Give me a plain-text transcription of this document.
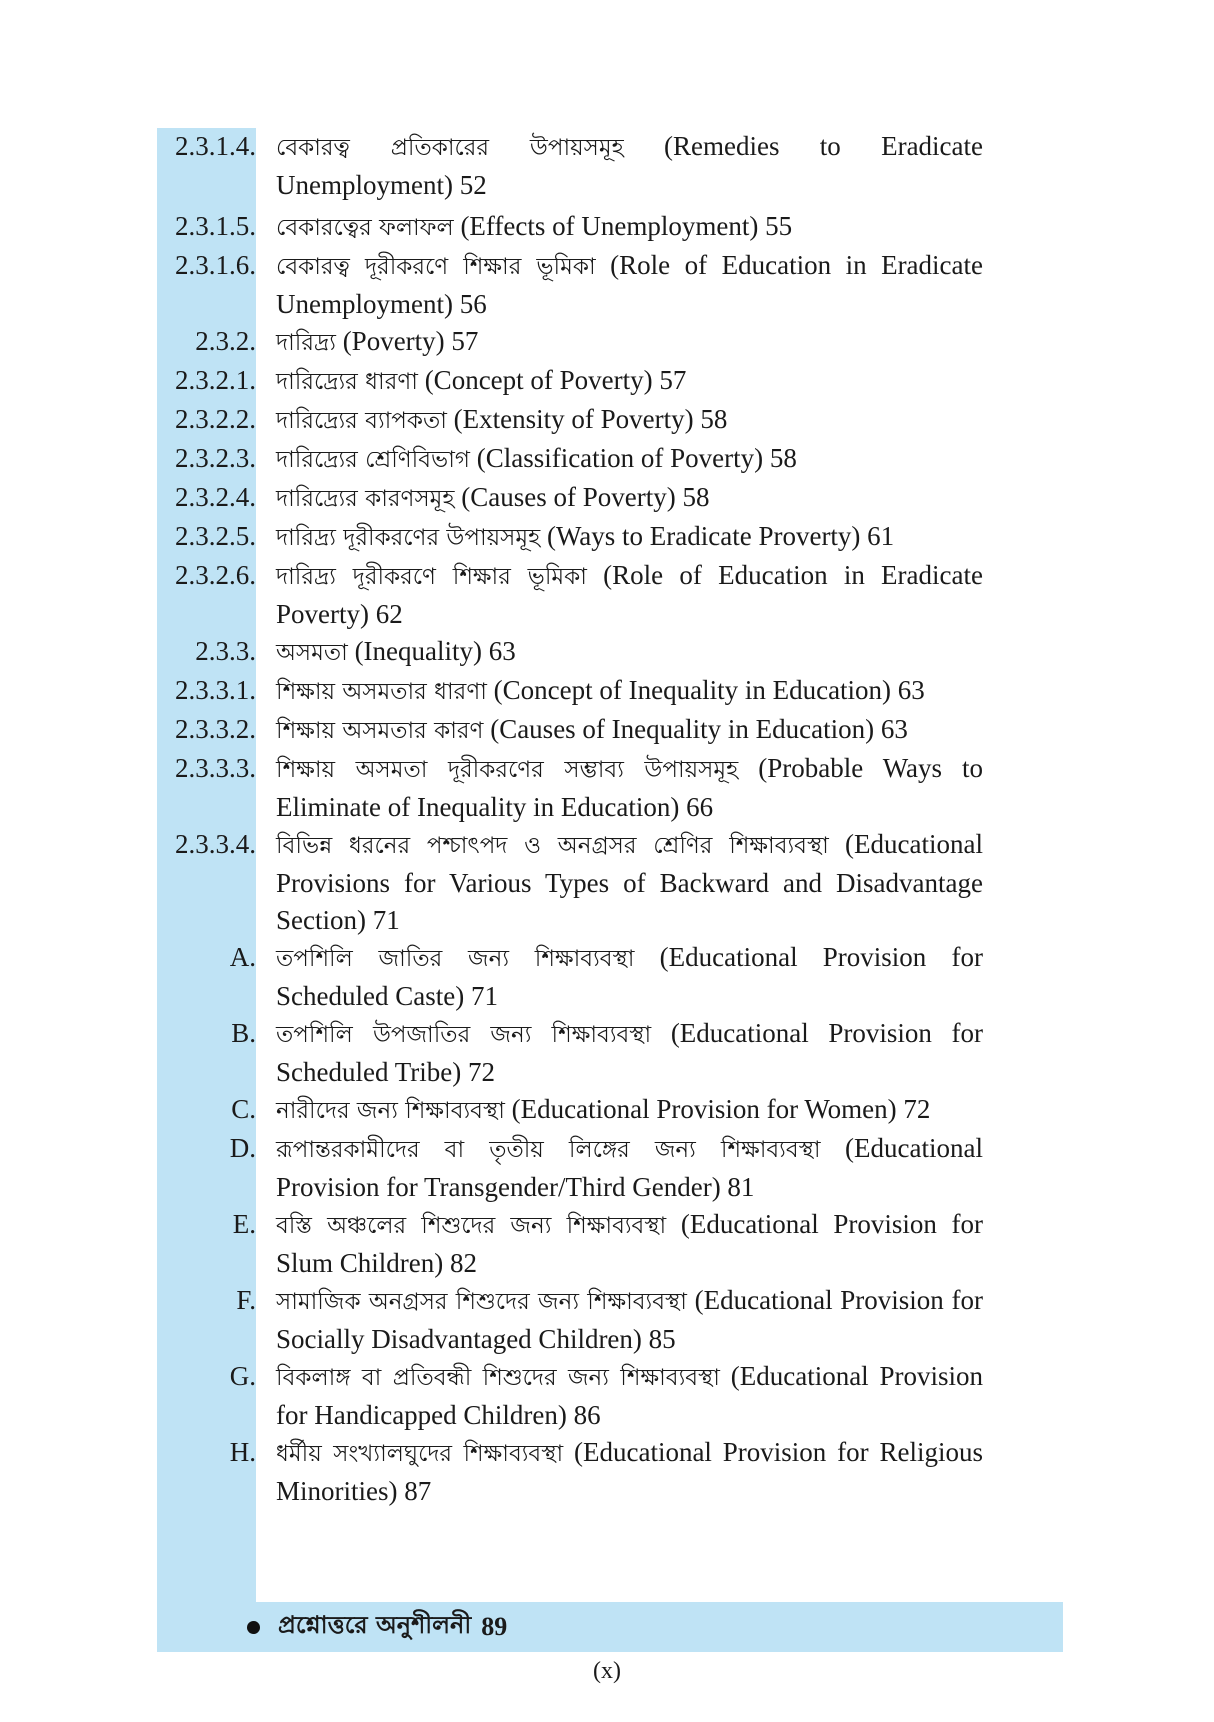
2.3.1.4. বেকারত্ব প্রতিকারের উপায়সমূহ (Remedies to Eradicate Unemployment) 52
2.3.1.5. বেকারত্বের ফলাফল (Effects of Unemployment) 55
2.3.1.6. বেকারত্ব দূরীকরণে শিক্ষার ভূমিকা (Role of Education in Eradicate Unemployment) 56
2.3.2. দারিদ্র্য (Poverty) 57
2.3.2.1. দারিদ্র্যের ধারণা (Concept of Poverty) 57
2.3.2.2. দারিদ্র্যের ব্যাপকতা (Extensity of Poverty) 58
2.3.2.3. দারিদ্র্যের শ্রেণিবিভাগ (Classification of Poverty) 58
2.3.2.4. দারিদ্র্যের কারণসমূহ (Causes of Poverty) 58
2.3.2.5. দারিদ্র্য দূরীকরণের উপায়সমূহ (Ways to Eradicate Proverty) 61
2.3.2.6. দারিদ্র্য দূরীকরণে শিক্ষার ভূমিকা (Role of Education in Eradicate Poverty) 62
2.3.3. অসমতা (Inequality) 63
2.3.3.1. শিক্ষায় অসমতার ধারণা (Concept of Inequality in Education) 63
2.3.3.2. শিক্ষায় অসমতার কারণ (Causes of Inequality in Education) 63
2.3.3.3. শিক্ষায় অসমতা দূরীকরণের সম্ভাব্য উপায়সমূহ (Probable Ways to Eliminate of Inequality in Education) 66
2.3.3.4. বিভিন্ন ধরনের পশ্চাৎপদ ও অনগ্রসর শ্রেণির শিক্ষাব্যবস্থা (Educational Provisions for Various Types of Backward and Disadvantage Section) 71
A. তপশিলি জাতির জন্য শিক্ষাব্যবস্থা (Educational Provision for Scheduled Caste) 71
B. তপশিলি উপজাতির জন্য শিক্ষাব্যবস্থা (Educational Provision for Scheduled Tribe) 72
C. নারীদের জন্য শিক্ষাব্যবস্থা (Educational Provision for Women) 72
D. রূপান্তরকামীদের বা তৃতীয় লিঙ্গের জন্য শিক্ষাব্যবস্থা (Educational Provision for Transgender/Third Gender) 81
E. বস্তি অঞ্চলের শিশুদের জন্য শিক্ষাব্যবস্থা (Educational Provision for Slum Children) 82
F. সামাজিক অনগ্রসর শিশুদের জন্য শিক্ষাব্যবস্থা (Educational Provision for Socially Disadvantaged Children) 85
G. বিকলাঙ্গ বা প্রতিবন্ধী শিশুদের জন্য শিক্ষাব্যবস্থা (Educational Provision for Handicapped Children) 86
H. ধর্মীয় সংখ্যালঘুদের শিক্ষাব্যবস্থা (Educational Provision for Religious Minorities) 87
প্রশ্নোত্তরে অনুশীলনী 89
(x)
